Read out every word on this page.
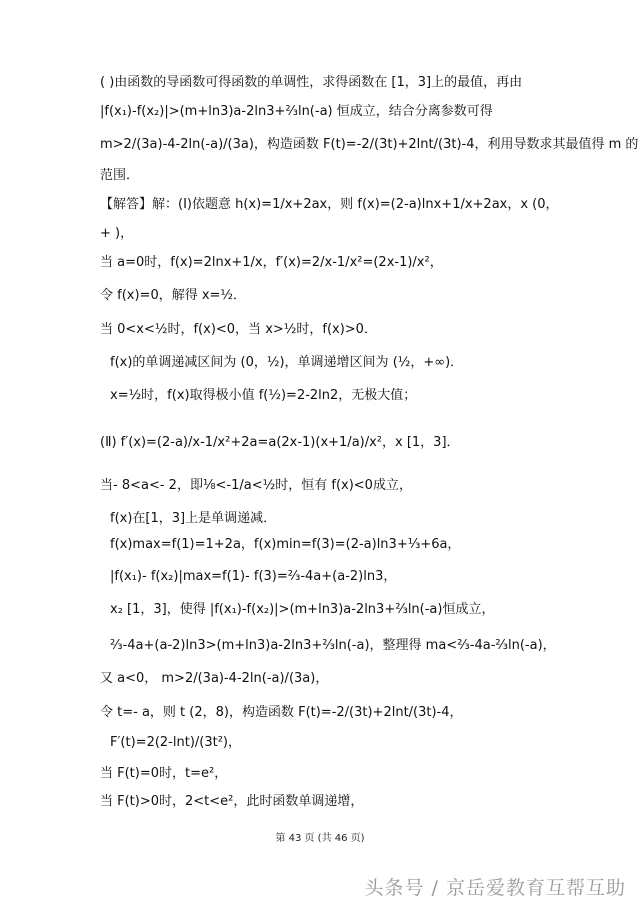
( )由函数的导函数可得函数的单调性，求得函数在 [1，3]上的最值，再由
|f(x₁)-f(x₂)|>(m+ln3)a-2ln3+⅔ln(-a) 恒成立，结合分离参数可得
m>2/(3a)-4-2ln(-a)/(3a)，构造函数 F(t)=-2/(3t)+2lnt/(3t)-4，利用导数求其最值得 m 的
范围．
【解答】解：(Ⅰ)依题意 h(x)=1/x+2ax，则 f(x)=(2-a)lnx+1/x+2ax，x (0，
+ )，
当 a=0时，f(x)=2lnx+1/x，f′(x)=2/x-1/x²=(2x-1)/x²，
令 f(x)=0，解得 x=½．
当 0<x<½时，f(x)<0，当 x>½时，f(x)>0．
f(x)的单调递减区间为 (0，½)，单调递增区间为 (½，+∞)．
x=½时，f(x)取得极小值 f(½)=2-2ln2，无极大值；
(Ⅱ) f′(x)=(2-a)/x-1/x²+2a=a(2x-1)(x+1/a)/x²，x [1，3]．
当- 8<a<- 2，即⅛<-1/a<½时，恒有 f(x)<0成立，
f(x)在[1，3]上是单调递减．
f(x)max=f(1)=1+2a，f(x)min=f(3)=(2-a)ln3+⅓+6a，
|f(x₁)- f(x₂)|max=f(1)- f(3)=⅔-4a+(a-2)ln3，
x₂ [1，3]，使得 |f(x₁)-f(x₂)|>(m+ln3)a-2ln3+⅔ln(-a)恒成立，
⅔-4a+(a-2)ln3>(m+ln3)a-2ln3+⅔ln(-a)，整理得 ma<⅔-4a-⅔ln(-a)，
又 a<0， m>2/(3a)-4-2ln(-a)/(3a)，
令 t=- a，则 t (2，8)，构造函数 F(t)=-2/(3t)+2lnt/(3t)-4，
F′(t)=2(2-lnt)/(3t²)，
当 F(t)=0时，t=e²，
当 F(t)>0时，2<t<e²，此时函数单调递增，
第 43 页 (共 46 页)
头条号 / 京岳爱教育互帮互助
